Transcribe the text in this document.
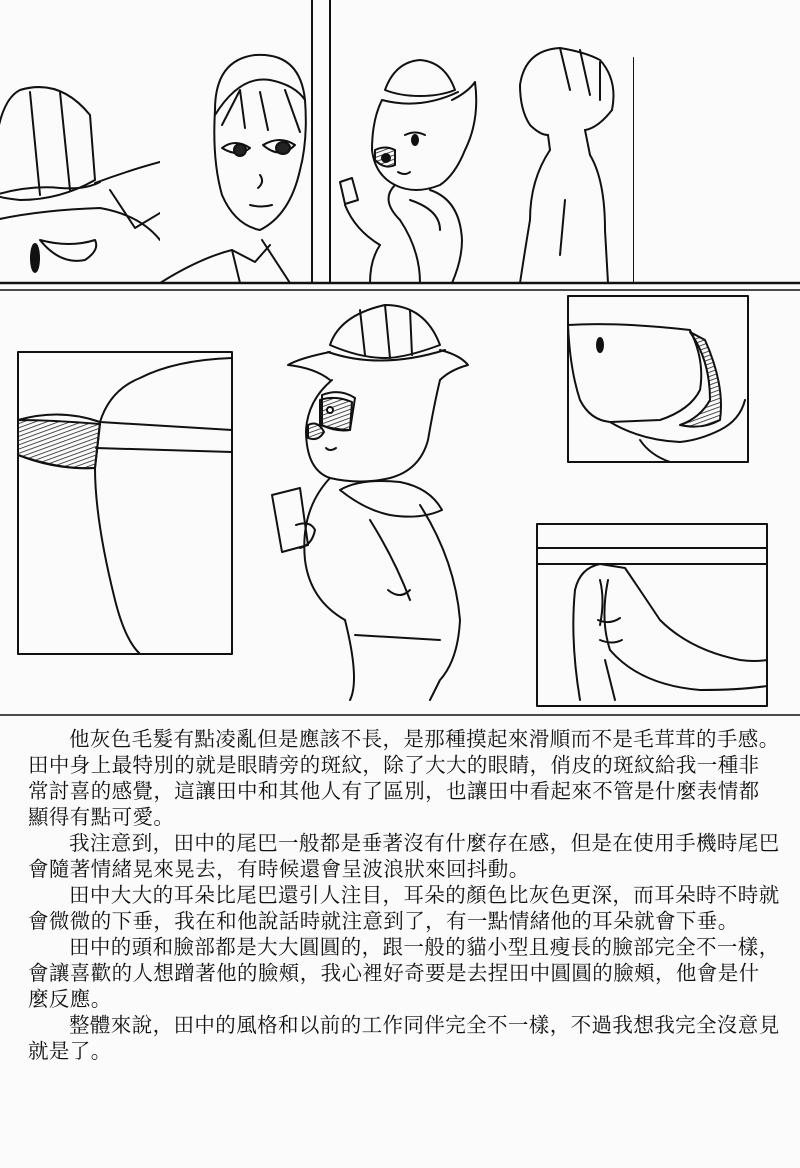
他灰色毛髮有點凌亂但是應該不長，是那種摸起來滑順而不是毛茸茸的手感。田中身上最特別的就是眼睛旁的斑紋，除了大大的眼睛，俏皮的斑紋給我一種非常討喜的感覺，這讓田中和其他人有了區別，也讓田中看起來不管是什麼表情都顯得有點可愛。

我注意到，田中的尾巴一般都是垂著沒有什麼存在感，但是在使用手機時尾巴會隨著情緒晃來晃去，有時候還會呈波浪狀來回抖動。

田中大大的耳朵比尾巴還引人注目，耳朵的顏色比灰色更深，而耳朵時不時就會微微的下垂，我在和他說話時就注意到了，有一點情緒他的耳朵就會下垂。

田中的頭和臉部都是大大圓圓的，跟一般的貓小型且瘦長的臉部完全不一樣，會讓喜歡的人想蹭著他的臉頰，我心裡好奇要是去捏田中圓圓的臉頰，他會是什麼反應。

整體來說，田中的風格和以前的工作同伴完全不一樣，不過我想我完全沒意見就是了。
